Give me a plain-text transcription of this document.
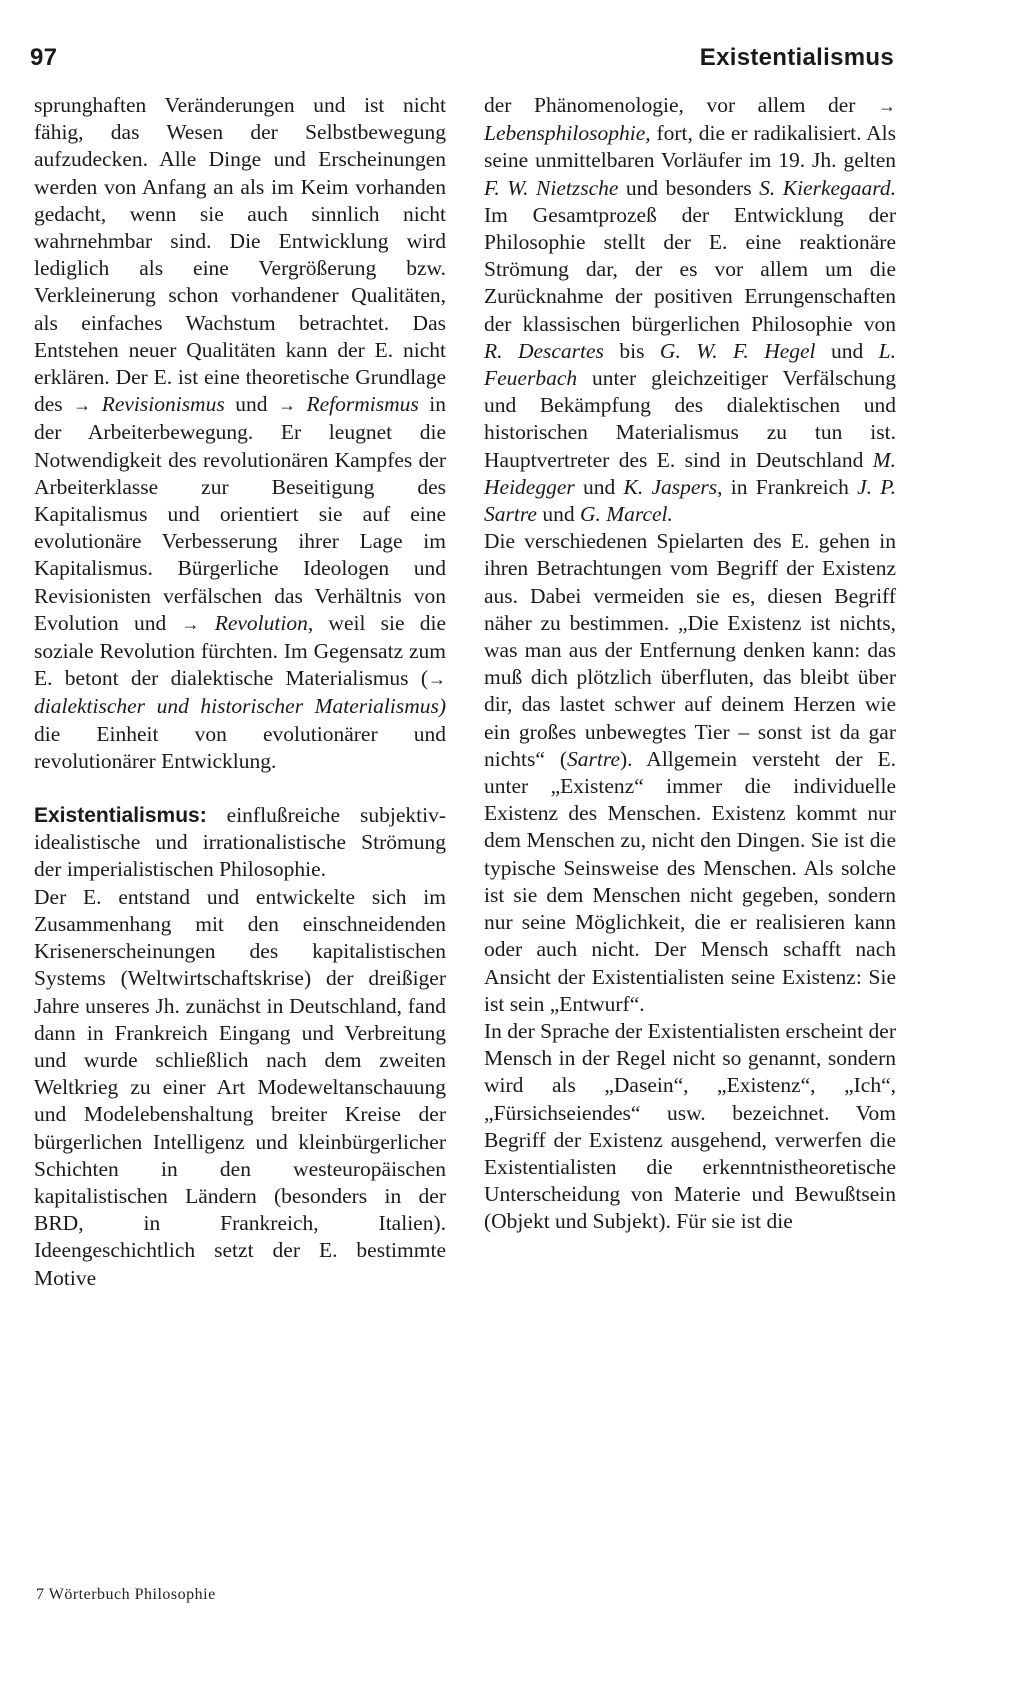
97	Existentialismus

sprunghaften Veränderungen und ist nicht fähig, das Wesen der Selbstbewegung aufzudecken. Alle Dinge und Erscheinungen werden von Anfang an als im Keim vorhanden gedacht, wenn sie auch sinnlich nicht wahrnehmbar sind. Die Entwicklung wird lediglich als eine Vergrößerung bzw. Verkleinerung schon vorhandener Qualitäten, als einfaches Wachstum betrachtet. Das Entstehen neuer Qualitäten kann der E. nicht erklären. Der E. ist eine theoretische Grundlage des → Revisionismus und → Reformismus in der Arbeiterbewegung. Er leugnet die Notwendigkeit des revolutionären Kampfes der Arbeiterklasse zur Beseitigung des Kapitalismus und orientiert sie auf eine evolutionäre Verbesserung ihrer Lage im Kapitalismus. Bürgerliche Ideologen und Revisionisten verfälschen das Verhältnis von Evolution und → Revolution, weil sie die soziale Revolution fürchten. Im Gegensatz zum E. betont der dialektische Materialismus (→ dialektischer und historischer Materialismus) die Einheit von evolutionärer und revolutionärer Entwicklung.

Existentialismus: einflußreiche subjektiv-idealistische und irrationalistische Strömung der imperialistischen Philosophie.

Der E. entstand und entwickelte sich im Zusammenhang mit den einschneidenden Krisenerscheinungen des kapitalistischen Systems (Weltwirtschaftskrise) der dreißiger Jahre unseres Jh. zunächst in Deutschland, fand dann in Frankreich Eingang und Verbreitung und wurde schließlich nach dem zweiten Weltkrieg zu einer Art Modeweltanschauung und Modelebenshaltung breiter Kreise der bürgerlichen Intelligenz und kleinbürgerlicher Schichten in den westeuropäischen kapitalistischen Ländern (besonders in der BRD, in Frankreich, Italien). Ideengeschichtlich setzt der E. bestimmte Motive

der Phänomenologie, vor allem der → Lebensphilosophie, fort, die er radikalisiert. Als seine unmittelbaren Vorläufer im 19. Jh. gelten F. W. Nietzsche und besonders S. Kierkegaard. Im Gesamtprozeß der Entwicklung der Philosophie stellt der E. eine reaktionäre Strömung dar, der es vor allem um die Zurücknahme der positiven Errungenschaften der klassischen bürgerlichen Philosophie von R. Descartes bis G. W. F. Hegel und L. Feuerbach unter gleichzeitiger Verfälschung und Bekämpfung des dialektischen und historischen Materialismus zu tun ist. Hauptvertreter des E. sind in Deutschland M. Heidegger und K. Jaspers, in Frankreich J. P. Sartre und G. Marcel.

Die verschiedenen Spielarten des E. gehen in ihren Betrachtungen vom Begriff der Existenz aus. Dabei vermeiden sie es, diesen Begriff näher zu bestimmen. „Die Existenz ist nichts, was man aus der Entfernung denken kann: das muß dich plötzlich überfluten, das bleibt über dir, das lastet schwer auf deinem Herzen wie ein großes unbewegtes Tier – sonst ist da gar nichts“ (Sartre). Allgemein versteht der E. unter „Existenz“ immer die individuelle Existenz des Menschen. Existenz kommt nur dem Menschen zu, nicht den Dingen. Sie ist die typische Seinsweise des Menschen. Als solche ist sie dem Menschen nicht gegeben, sondern nur seine Möglichkeit, die er realisieren kann oder auch nicht. Der Mensch schafft nach Ansicht der Existentialisten seine Existenz: Sie ist sein „Entwurf“.

In der Sprache der Existentialisten erscheint der Mensch in der Regel nicht so genannt, sondern wird als „Dasein“, „Existenz“, „Ich“, „Fürsichseiendes“ usw. bezeichnet. Vom Begriff der Existenz ausgehend, verwerfen die Existentialisten die erkenntnistheoretische Unterscheidung von Materie und Bewußtsein (Objekt und Subjekt). Für sie ist die

7 Wörterbuch Philosophie
